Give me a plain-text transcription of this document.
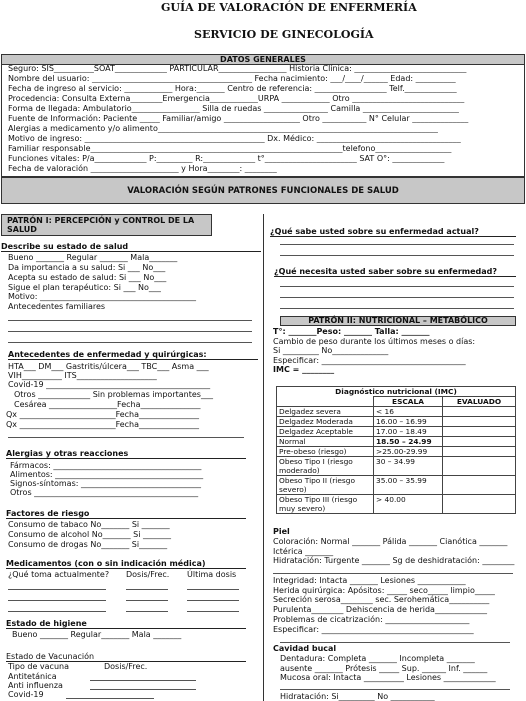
GUÍA DE VALORACIÓN DE ENFERMERÍA
SERVICIO DE GINECOLOGÍA
DATOS GENERALES
Seguro: SIS__________SOAT_____________ PARTICULAR_________________ Historia Clínica: ____________________________
Nombre del usuario: ________________________________________ Fecha nacimiento: ___/____/______ Edad: __________
Fecha de ingreso al servicio: ____________ Hora:_______ Centro de referencia: __________________ Telf._____________
Procedencia: Consulta Externa________Emergencia____________URPA ____________ Otro ____________________________
Forma de llegada: Ambulatorio_________________ Silla de ruedas ________________ Camilla ________________________
Fuente de Información: Paciente _____ Familiar/amigo ___________________ Otro ___________ N° Celular ______________
Alergias a medicamento y/o alimento______________________________________________________________________
Motivo de ingreso: _____________________________________________ Dx. Médico: ____________________________________
Familiar responsable_______________________________________________________________telefono___________________
Funciones vitales: P/a_____________ P:_________ R:_____________ t°_______________________ SAT O°: _____________
Fecha de valoración ______________________ y Hora________: ________
VALORACIÓN SEGÚN PATRONES FUNCIONALES DE SALUD
PATRÓN I: PERCEPCIÓN y CONTROL DE LA SALUD
Describe su estado de salud
Bueno _______ Regular _______ Mala_______
Da importancia a su salud: Si ___ No___
Acepta su estado de salud: Si ___ No___
Sigue el plan terapéutico: Si ___ No___
Motivo: _______________________________________
Antecedentes familiares
Antecedentes de enfermedad y quirúrgicas:
HTA___ DM___ Gastritis/úlcera___ TBC___ Asma ___
VIH__________ ITS____________________
Covid-19 _________________________________________
Otros _____________ Sin problemas importantes___
Cesárea _________________Fecha_______________
Qx ________________________Fecha_______________
Qx ________________________Fecha_______________
Alergias y otras reacciones
Fármacos: _____________________________________
Alimentos: _____________________________________
Signos-síntomas: ______________________________
Otros _________________________________________
Factores de riesgo
Consumo de tabaco No_______ Si _______
Consumo de alcohol No_______ Si _______
Consumo de drogas No_______ Si_______
Medicamentos (con o sin indicación médica)
¿Qué toma actualmente? Dosis/Frec. Última dosis
Estado de higiene
Bueno _______ Regular_______ Mala _______
Estado de Vacunación
Tipo de vacuna	Dosis/Frec.
Antitetánica
Anti influenza
Covid-19
¿Qué sabe usted sobre su enfermedad actual?
¿Qué necesita usted saber sobre su enfermedad?
PATRÓN II: NUTRICIONAL – METABÓLICO
T°: _______Peso: _______ Talla: _______
Cambio de peso durante los últimos meses o días:
Si _________ No______________
Especificar: ____________________________________
IMC = ________
Diagnóstico nutricional (IMC)		
	ESCALA	EVALUADO
Delgadez severa	< 16	
Delgadez Moderada	16.00 – 16.99	
Delgadez Aceptable	17.00 – 18.49	
Normal	18.50 – 24.99	
Pre-obeso (riesgo)	>25.00-29.99	
Obeso Tipo I (riesgo moderado)	30 – 34.99	
Obeso Tipo II (riesgo severo)	35.00 – 35.99	
Obeso Tipo III (riesgo muy severo)	> 40.00	
Piel
Coloración: Normal _______ Pálida _______ Cianótica _______
Ictérica _______
Hidratación: Turgente _______ Sg de deshidratación: ________
Integridad: Intacta _______ Lesiones ____________
Herida quirúrgica: Apósitos: _____ seco_____ limpio_____
Secreción serosa________ sec. Serohemática__________
Purulenta________ Dehiscencia de herida_____________
Problemas de cicatrización: _____________________
Especificar: ______________________________________
Cavidad bucal
Dentadura: Completa _______ Incompleta _______
ausente _______ Prótesis _____ Sup. ______ Inf. ______
Mucosa oral: Intacta __________ Lesiones _____________
Hidratación: Si_________ No ___________
